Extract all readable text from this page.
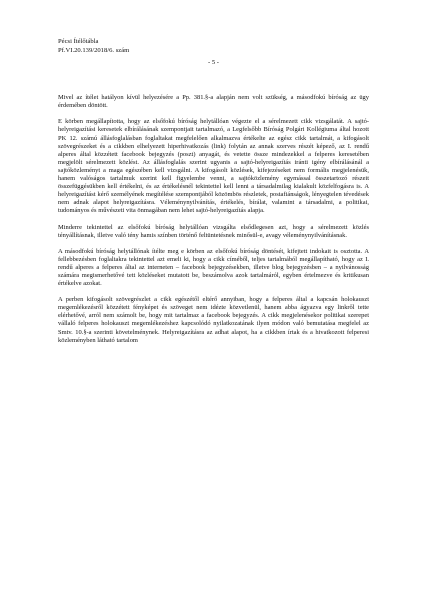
Pécsi Ítélőtábla
Pf.VI.20.139/2018/6. szám
- 5 -

Mivel az ítélet hatályon kívül helyezésére a Pp. 381.§-a alapján nem volt szükség, a másodfokú bíróság az ügy érdemében döntött.

E körben megállapította, hogy az elsőfokú bíróság helytállóan végezte el a sérelmezett cikk vizsgálatát. A sajtó-helyreigazítási keresetek elbírálásának szempontjait tartalmazó, a Legfelsőbb Bíróság Polgári Kollégiuma által hozott PK 12. számú állásfoglalásban foglaltakat megfelelően alkalmazva értékelte az egész cikk tartalmát, a kifogásolt szövegrészeket és a cikkben elhelyezett hiperhivatkozás (link) folytán az annak szerves részét képező, az I. rendű alperes által közzétett facebook bejegyzés (poszt) anyagát, és vetette össze mindezekkel a felperes keresetében megjelölt sérelmezett közlést. Az állásfoglalás szerint ugyanis a sajtó-helyreigazítás iránti igény elbírálásánál a sajtóközleményt a maga egészében kell vizsgálni. A kifogásolt közlések, kifejezéseket nem formális megjelenésük, hanem valóságos tartalmuk szerint kell figyelembe venni, a sajtóközlemény egymással összetartozó részeit összefüggésükben kell értékelni, és az értékelésnél tekintettel kell lenni a társadalmilag kialakult közfelfogásra is. A helyreigazítást kérő személyének megítélése szempontjából közömbös részletek, postafiánságok, lényegtelen tévedések nem adnak alapot helyreigazításra. Véleménynyilvánítás, értékelés, bírálat, valamint a társadalmi, a politikai, tudományos és művészeti vita önmagában nem lehet sajtó-helyreigazítás alapja.

Minderre tekintettel az elsőfokú bíróság helytállóan vizsgálta elsődlegesen azt, hogy a sérelmezett közlés tényállításnak, illetve való tény hamis színben történő feltüntetésnek minősül-e, avagy véleménynyilvánításnak.

A másodfokú bíróság helytállónak ítélte meg e körben az elsőfokú bíróság döntését, kifejtett indokait is osztotta. A fellebbezésben foglaltakra tekintettel azt emeli ki, hogy a cikk címéből, teljes tartalmából megállapítható, hogy az I. rendű alperes a felperes által az interneten – facebook bejegyzésekben, illetve blog bejegyzésben – a nyilvánosság számára megismerhetővé tett közléseket mutatott be, beszámolva azok tartalmáról, egyben értelmezve és kritikusan értékelve azokat.

A perben kifogásolt szövegrészlet a cikk egészétől eltérő annyiban, hogy a felperes által a kapcsán holokauszt megemlékezésről közzétett fényképet és szöveget nem idézte közvetlenül, hanem abba ágyazva egy linkről tette elérhetővé, arról nem számolt be, hogy mit tartalmaz a facebook bejegyzés. A cikk megjelenésekor politikai szerepet vállaló felperes holokauszt megemlékezéshez kapcsolódó nyilatkozatának ilyen módon való bemutatása megfelel az Smtv. 10.§-a szerinti követelménynek. Helyreigazításra az adhat alapot, ha a cikkben írtak és a hivatkozott felperesi közleményben látható tartalom
